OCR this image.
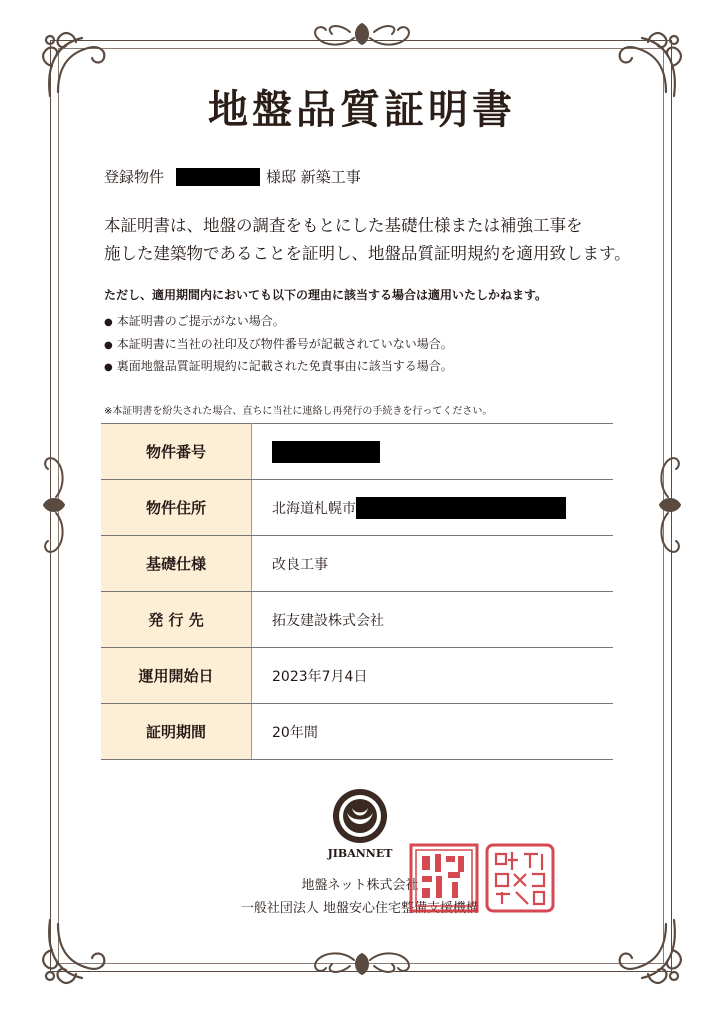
地盤品質証明書
登録物件	様邸 新築工事
本証明書は、地盤の調査をもとにした基礎仕様または補強工事を
施した建築物であることを証明し、地盤品質証明規約を適用致します。
ただし、適用期間内においても以下の理由に該当する場合は適用いたしかねます。
● 本証明書のご提示がない場合。
● 本証明書に当社の社印及び物件番号が記載されていない場合。
● 裏面地盤品質証明規約に記載された免責事由に該当する場合。
※本証明書を紛失された場合、直ちに当社に連絡し再発行の手続きを行ってください。
物件番号	

物件住所	北海道札幌市

基礎仕様	改良工事
発 行 先	拓友建設株式会社
運用開始日	2023年7月4日
証明期間	20年間
JIBANNET
地盤ネット株式会社
一般社団法人 地盤安心住宅整備支援機構
